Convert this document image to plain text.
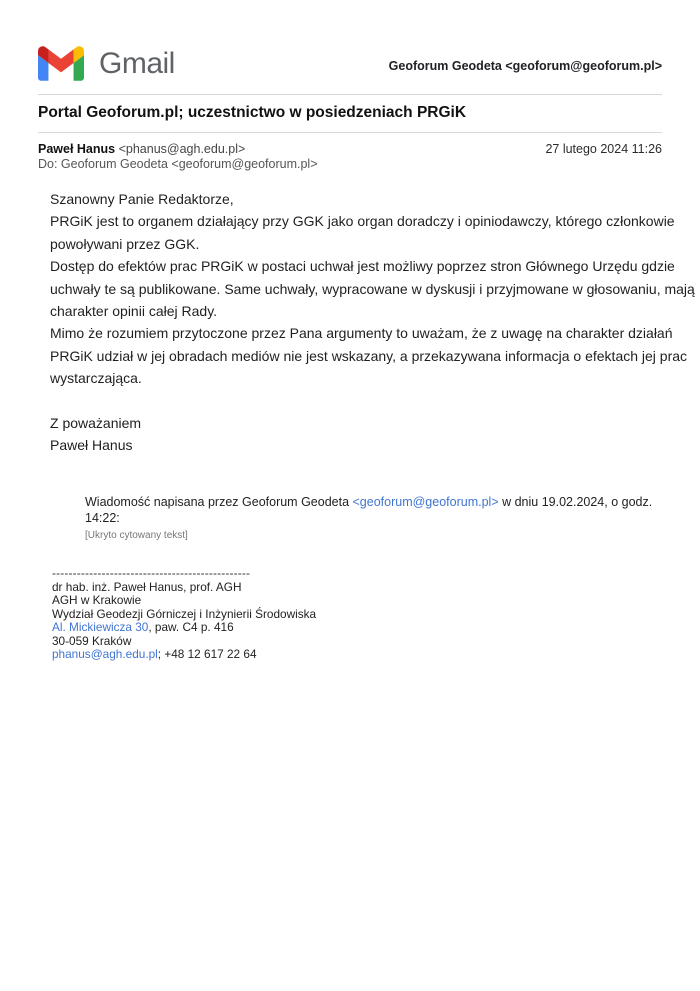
Gmail	Geoforum Geodeta <geoforum@geoforum.pl>
Portal Geoforum.pl; uczestnictwo w posiedzeniach PRGiK
Paweł Hanus <phanus@agh.edu.pl>	27 lutego 2024 11:26
Do: Geoforum Geodeta <geoforum@geoforum.pl>
Szanowny Panie Redaktorze,
PRGiK jest to organem działający przy GGK jako organ doradczy i opiniodawczy, którego członkowie
powoływani przez GGK.
Dostęp do efektów prac PRGiK w postaci uchwał jest możliwy poprzez stron Głównego Urzędu gdzie
uchwały te są publikowane. Same uchwały, wypracowane w dyskusji i przyjmowane w głosowaniu, mają
charakter opinii całej Rady.
Mimo że rozumiem przytoczone przez Pana argumenty to uważam, że z uwagę na charakter działań
PRGiK udział w jej obradach mediów nie jest wskazany, a przekazywana informacja o efektach jej prac
wystarczająca.
Z poważaniem
Paweł Hanus
Wiadomość napisana przez Geoforum Geodeta <geoforum@geoforum.pl> w dniu 19.02.2024, o godz.
14:22:
[Ukryto cytowany tekst]
------------------------------------------------
dr hab. inż. Paweł Hanus, prof. AGH
AGH w Krakowie
Wydział Geodezji Górniczej i Inżynierii Środowiska
Al. Mickiewicza 30, paw. C4 p. 416
30-059 Kraków
phanus@agh.edu.pl; +48 12 617 22 64
